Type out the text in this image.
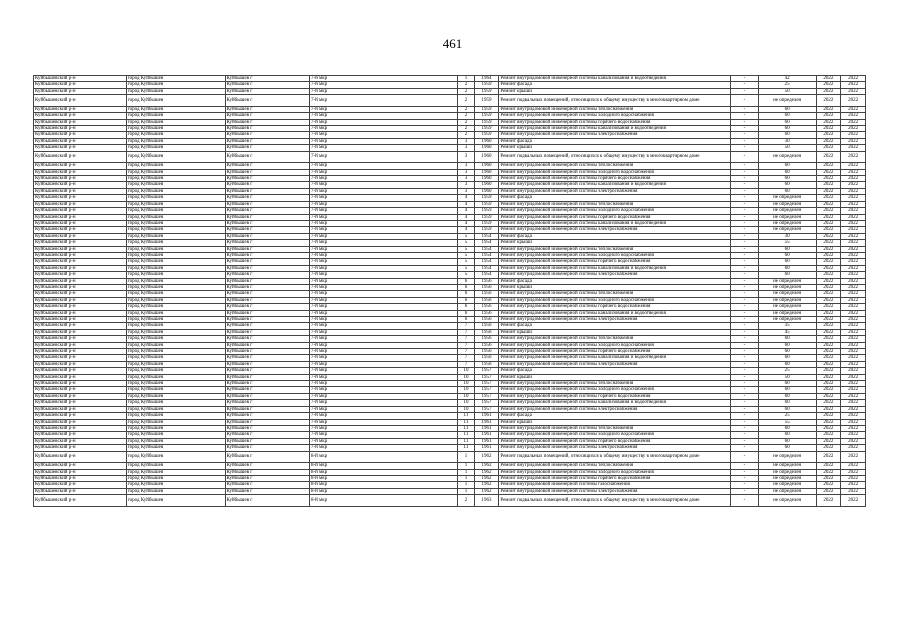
461
Куйбышевский р-н	город Куйбышев	Куйбышев г	7-й мкр	1	1964	Ремонт внутридомовой инженерной системы канализования и водоотведения	-	42	2022	2022
Куйбышевский р-н	город Куйбышев	Куйбышев г	7-й мкр	2	1959	Ремонт фасада	-	25	2022	2022
Куйбышевский р-н	город Куйбышев	Куйбышев г	7-й мкр	2	1959	Ремонт крыши	-	50	2022	2022
Куйбышевский р-н	город Куйбышев	Куйбышев г	7-й мкр	2	1959	Ремонт подвальных помещений, относящихся к общему имуществу в многоквартирном доме	-	не определен	2022	2022
Куйбышевский р-н	город Куйбышев	Куйбышев г	7-й мкр	2	1959	Ремонт внутридомовой инженерной системы теплоснабжения	-	60	2022	2022
Куйбышевский р-н	город Куйбышев	Куйбышев г	7-й мкр	2	1959	Ремонт внутридомовой инженерной системы холодного водоснабжения	-	60	2022	2022
Куйбышевский р-н	город Куйбышев	Куйбышев г	7-й мкр	2	1959	Ремонт внутридомовой инженерной системы горячего водоснабжения	-	60	2022	2022
Куйбышевский р-н	город Куйбышев	Куйбышев г	7-й мкр	2	1959	Ремонт внутридомовой инженерной системы канализования и водоотведения	-	60	2022	2022
Куйбышевский р-н	город Куйбышев	Куйбышев г	7-й мкр	2	1959	Ремонт внутридомовой инженерной системы электроснабжения	-	60	2022	2022
Куйбышевский р-н	город Куйбышев	Куйбышев г	7-й мкр	3	1960	Ремонт фасада	-	30	2022	2022
Куйбышевский р-н	город Куйбышев	Куйбышев г	7-й мкр	3	1960	Ремонт крыши	-	50	2022	2022
Куйбышевский р-н	город Куйбышев	Куйбышев г	7-й мкр	3	1960	Ремонт подвальных помещений, относящихся к общему имуществу в многоквартирном доме	-	не определен	2022	2022
Куйбышевский р-н	город Куйбышев	Куйбышев г	7-й мкр	3	1960	Ремонт внутридомовой инженерной системы теплоснабжения	-	60	2022	2022
Куйбышевский р-н	город Куйбышев	Куйбышев г	7-й мкр	3	1960	Ремонт внутридомовой инженерной системы холодного водоснабжения	-	60	2022	2022
Куйбышевский р-н	город Куйбышев	Куйбышев г	7-й мкр	3	1960	Ремонт внутридомовой инженерной системы горячего водоснабжения	-	60	2022	2022
Куйбышевский р-н	город Куйбышев	Куйбышев г	7-й мкр	3	1960	Ремонт внутридомовой инженерной системы канализования и водоотведения	-	60	2022	2022
Куйбышевский р-н	город Куйбышев	Куйбышев г	7-й мкр	3	1960	Ремонт внутридомовой инженерной системы электроснабжения	-	60	2022	2022
Куйбышевский р-н	город Куйбышев	Куйбышев г	7-й мкр	4	1959	Ремонт фасада	-	не определен	2022	2022
Куйбышевский р-н	город Куйбышев	Куйбышев г	7-й мкр	4	1959	Ремонт внутридомовой инженерной системы теплоснабжения	-	не определен	2022	2022
Куйбышевский р-н	город Куйбышев	Куйбышев г	7-й мкр	4	1959	Ремонт внутридомовой инженерной системы холодного водоснабжения	-	не определен	2022	2022
Куйбышевский р-н	город Куйбышев	Куйбышев г	7-й мкр	4	1959	Ремонт внутридомовой инженерной системы горячего водоснабжения	-	не определен	2022	2022
Куйбышевский р-н	город Куйбышев	Куйбышев г	7-й мкр	4	1959	Ремонт внутридомовой инженерной системы канализования и водоотведения	-	не определен	2022	2022
Куйбышевский р-н	город Куйбышев	Куйбышев г	7-й мкр	4	1959	Ремонт внутридомовой инженерной системы электроснабжения	-	не определен	2022	2022
Куйбышевский р-н	город Куйбышев	Куйбышев г	7-й мкр	5	1954	Ремонт фасада	-	30	2022	2022
Куйбышевский р-н	город Куйбышев	Куйбышев г	7-й мкр	5	1954	Ремонт крыши	-	55	2022	2022
Куйбышевский р-н	город Куйбышев	Куйбышев г	7-й мкр	5	1954	Ремонт внутридомовой инженерной системы теплоснабжения	-	60	2022	2022
Куйбышевский р-н	город Куйбышев	Куйбышев г	7-й мкр	5	1954	Ремонт внутридомовой инженерной системы холодного водоснабжения	-	60	2022	2022
Куйбышевский р-н	город Куйбышев	Куйбышев г	7-й мкр	5	1954	Ремонт внутридомовой инженерной системы горячего водоснабжения	-	60	2022	2022
Куйбышевский р-н	город Куйбышев	Куйбышев г	7-й мкр	5	1954	Ремонт внутридомовой инженерной системы канализования и водоотведения	-	60	2022	2022
Куйбышевский р-н	город Куйбышев	Куйбышев г	7-й мкр	5	1954	Ремонт внутридомовой инженерной системы электроснабжения	-	60	2022	2022
Куйбышевский р-н	город Куйбышев	Куйбышев г	7-й мкр	6	1956	Ремонт фасада	-	не определен	2022	2022
Куйбышевский р-н	город Куйбышев	Куйбышев г	7-й мкр	6	1956	Ремонт крыши	-	не определен	2022	2022
Куйбышевский р-н	город Куйбышев	Куйбышев г	7-й мкр	6	1956	Ремонт внутридомовой инженерной системы теплоснабжения	-	не определен	2022	2022
Куйбышевский р-н	город Куйбышев	Куйбышев г	7-й мкр	6	1956	Ремонт внутридомовой инженерной системы холодного водоснабжения	-	не определен	2022	2022
Куйбышевский р-н	город Куйбышев	Куйбышев г	7-й мкр	6	1956	Ремонт внутридомовой инженерной системы горячего водоснабжения	-	не определен	2022	2022
Куйбышевский р-н	город Куйбышев	Куйбышев г	7-й мкр	6	1956	Ремонт внутридомовой инженерной системы канализования и водоотведения	-	не определен	2022	2022
Куйбышевский р-н	город Куйбышев	Куйбышев г	7-й мкр	6	1956	Ремонт внутридомовой инженерной системы электроснабжения	-	не определен	2022	2022
Куйбышевский р-н	город Куйбышев	Куйбышев г	7-й мкр	7	1956	Ремонт фасада	-	35	2022	2022
Куйбышевский р-н	город Куйбышев	Куйбышев г	7-й мкр	7	1956	Ремонт крыши	-	45	2022	2022
Куйбышевский р-н	город Куйбышев	Куйбышев г	7-й мкр	7	1956	Ремонт внутридомовой инженерной системы теплоснабжения	-	60	2022	2022
Куйбышевский р-н	город Куйбышев	Куйбышев г	7-й мкр	7	1956	Ремонт внутридомовой инженерной системы холодного водоснабжения	-	60	2022	2022
Куйбышевский р-н	город Куйбышев	Куйбышев г	7-й мкр	7	1956	Ремонт внутридомовой инженерной системы горячего водоснабжения	-	60	2022	2022
Куйбышевский р-н	город Куйбышев	Куйбышев г	7-й мкр	7	1956	Ремонт внутридомовой инженерной системы канализования и водоотведения	-	60	2022	2022
Куйбышевский р-н	город Куйбышев	Куйбышев г	7-й мкр	7	1956	Ремонт внутридомовой инженерной системы электроснабжения	-	60	2022	2022
Куйбышевский р-н	город Куйбышев	Куйбышев г	7-й мкр	10	1957	Ремонт фасада	-	25	2022	2022
Куйбышевский р-н	город Куйбышев	Куйбышев г	7-й мкр	10	1957	Ремонт крыши	-	50	2022	2022
Куйбышевский р-н	город Куйбышев	Куйбышев г	7-й мкр	10	1957	Ремонт внутридомовой инженерной системы теплоснабжения	-	60	2022	2022
Куйбышевский р-н	город Куйбышев	Куйбышев г	7-й мкр	10	1957	Ремонт внутридомовой инженерной системы холодного водоснабжения	-	60	2022	2022
Куйбышевский р-н	город Куйбышев	Куйбышев г	7-й мкр	10	1957	Ремонт внутридомовой инженерной системы горячего водоснабжения	-	60	2022	2022
Куйбышевский р-н	город Куйбышев	Куйбышев г	7-й мкр	10	1957	Ремонт внутридомовой инженерной системы канализования и водоотведения	-	60	2022	2022
Куйбышевский р-н	город Куйбышев	Куйбышев г	7-й мкр	10	1957	Ремонт внутридомовой инженерной системы электроснабжения	-	60	2022	2022
Куйбышевский р-н	город Куйбышев	Куйбышев г	7-й мкр	11	1961	Ремонт фасада	-	25	2022	2022
Куйбышевский р-н	город Куйбышев	Куйбышев г	7-й мкр	11	1961	Ремонт крыши	-	55	2022	2022
Куйбышевский р-н	город Куйбышев	Куйбышев г	7-й мкр	11	1961	Ремонт внутридомовой инженерной системы теплоснабжения	-	60	2022	2022
Куйбышевский р-н	город Куйбышев	Куйбышев г	7-й мкр	11	1961	Ремонт внутридомовой инженерной системы холодного водоснабжения	-	60	2022	2022
Куйбышевский р-н	город Куйбышев	Куйбышев г	7-й мкр	11	1961	Ремонт внутридомовой инженерной системы горячего водоснабжения	-	60	2022	2022
Куйбышевский р-н	город Куйбышев	Куйбышев г	7-й мкр	11	1961	Ремонт внутридомовой инженерной системы электроснабжения	-	60	2022	2022
Куйбышевский р-н	город Куйбышев	Куйбышев г	8-й мкр	1	1962	Ремонт подвальных помещений, относящихся к общему имуществу в многоквартирном доме	-	не определен	2022	2022
Куйбышевский р-н	город Куйбышев	Куйбышев г	8-й мкр	1	1962	Ремонт внутридомовой инженерной системы теплоснабжения	-	не определен	2022	2022
Куйбышевский р-н	город Куйбышев	Куйбышев г	8-й мкр	1	1962	Ремонт внутридомовой инженерной системы холодного водоснабжения	-	не определен	2022	2022
Куйбышевский р-н	город Куйбышев	Куйбышев г	8-й мкр	1	1962	Ремонт внутридомовой инженерной системы горячего водоснабжения	-	не определен	2022	2022
Куйбышевский р-н	город Куйбышев	Куйбышев г	8-й мкр	1	1962	Ремонт внутридомовой инженерной системы газоснабжения	-	не определен	2022	2022
Куйбышевский р-н	город Куйбышев	Куйбышев г	8-й мкр	1	1962	Ремонт внутридомовой инженерной системы электроснабжения	-	не определен	2022	2022
Куйбышевский р-н	город Куйбышев	Куйбышев г	8-й мкр	2	1963	Ремонт подвальных помещений, относящихся к общему имуществу в многоквартирном доме	-	не определен	2022	2022
